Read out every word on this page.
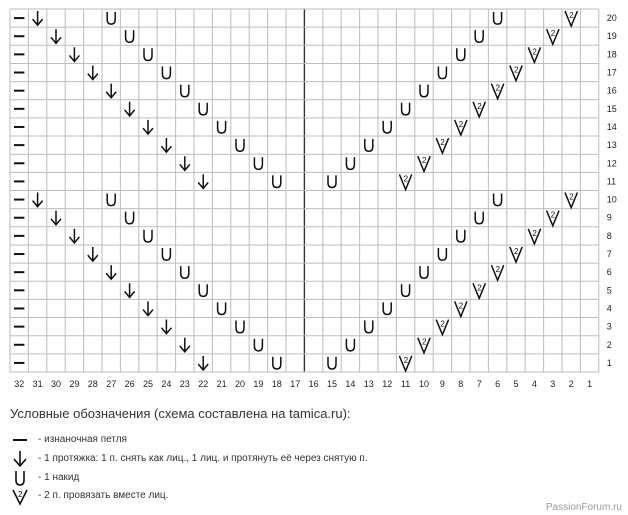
2
2
2
2
2
2
2
2
2
2
2
2
2
2
2
2
2
2
2
2
32 31 30 29 28 27 26 25 24 23 22 21 20 19 18 17 16 15 14 13 12 11 10 9 8 7 6 5 4 3 2 1
1
2
3
4
5
6
7
8
9
10
11
12
13
14
15
16
17
18
19
20
Условные обозначения (схема составлена на tamica.ru):
- изнаночная петля
- 1 протяжка: 1 п. снять как лиц., 1 лиц. и протянуть её через снятую п.
- 1 накид
2 - 2 п. провязать вместе лиц.
PassionForum.ru
